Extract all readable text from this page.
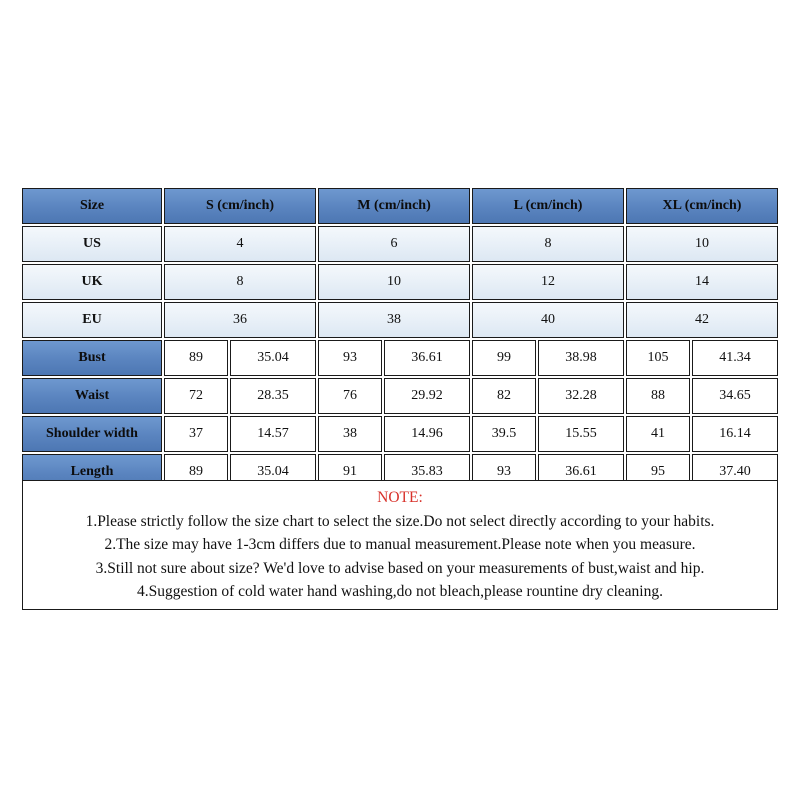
Size	S (cm/inch)	M (cm/inch)	L (cm/inch)	XL (cm/inch)
US	4	6	8	10
UK	8	10	12	14
EU	36	38	40	42
Bust	89	35.04	93	36.61	99	38.98	105	41.34
Waist	72	28.35	76	29.92	82	32.28	88	34.65
Shoulder width	37	14.57	38	14.96	39.5	15.55	41	16.14
Length	89	35.04	91	35.83	93	36.61	95	37.40
NOTE:
1.Please strictly follow the size chart to select the size.Do not select directly according to your habits.
2.The size may have 1-3cm differs due to manual measurement.Please note when you measure.
3.Still not sure about size? We'd love to advise based on your measurements of bust,waist and hip.
4.Suggestion of cold water hand washing,do not bleach,please rountine dry cleaning.
